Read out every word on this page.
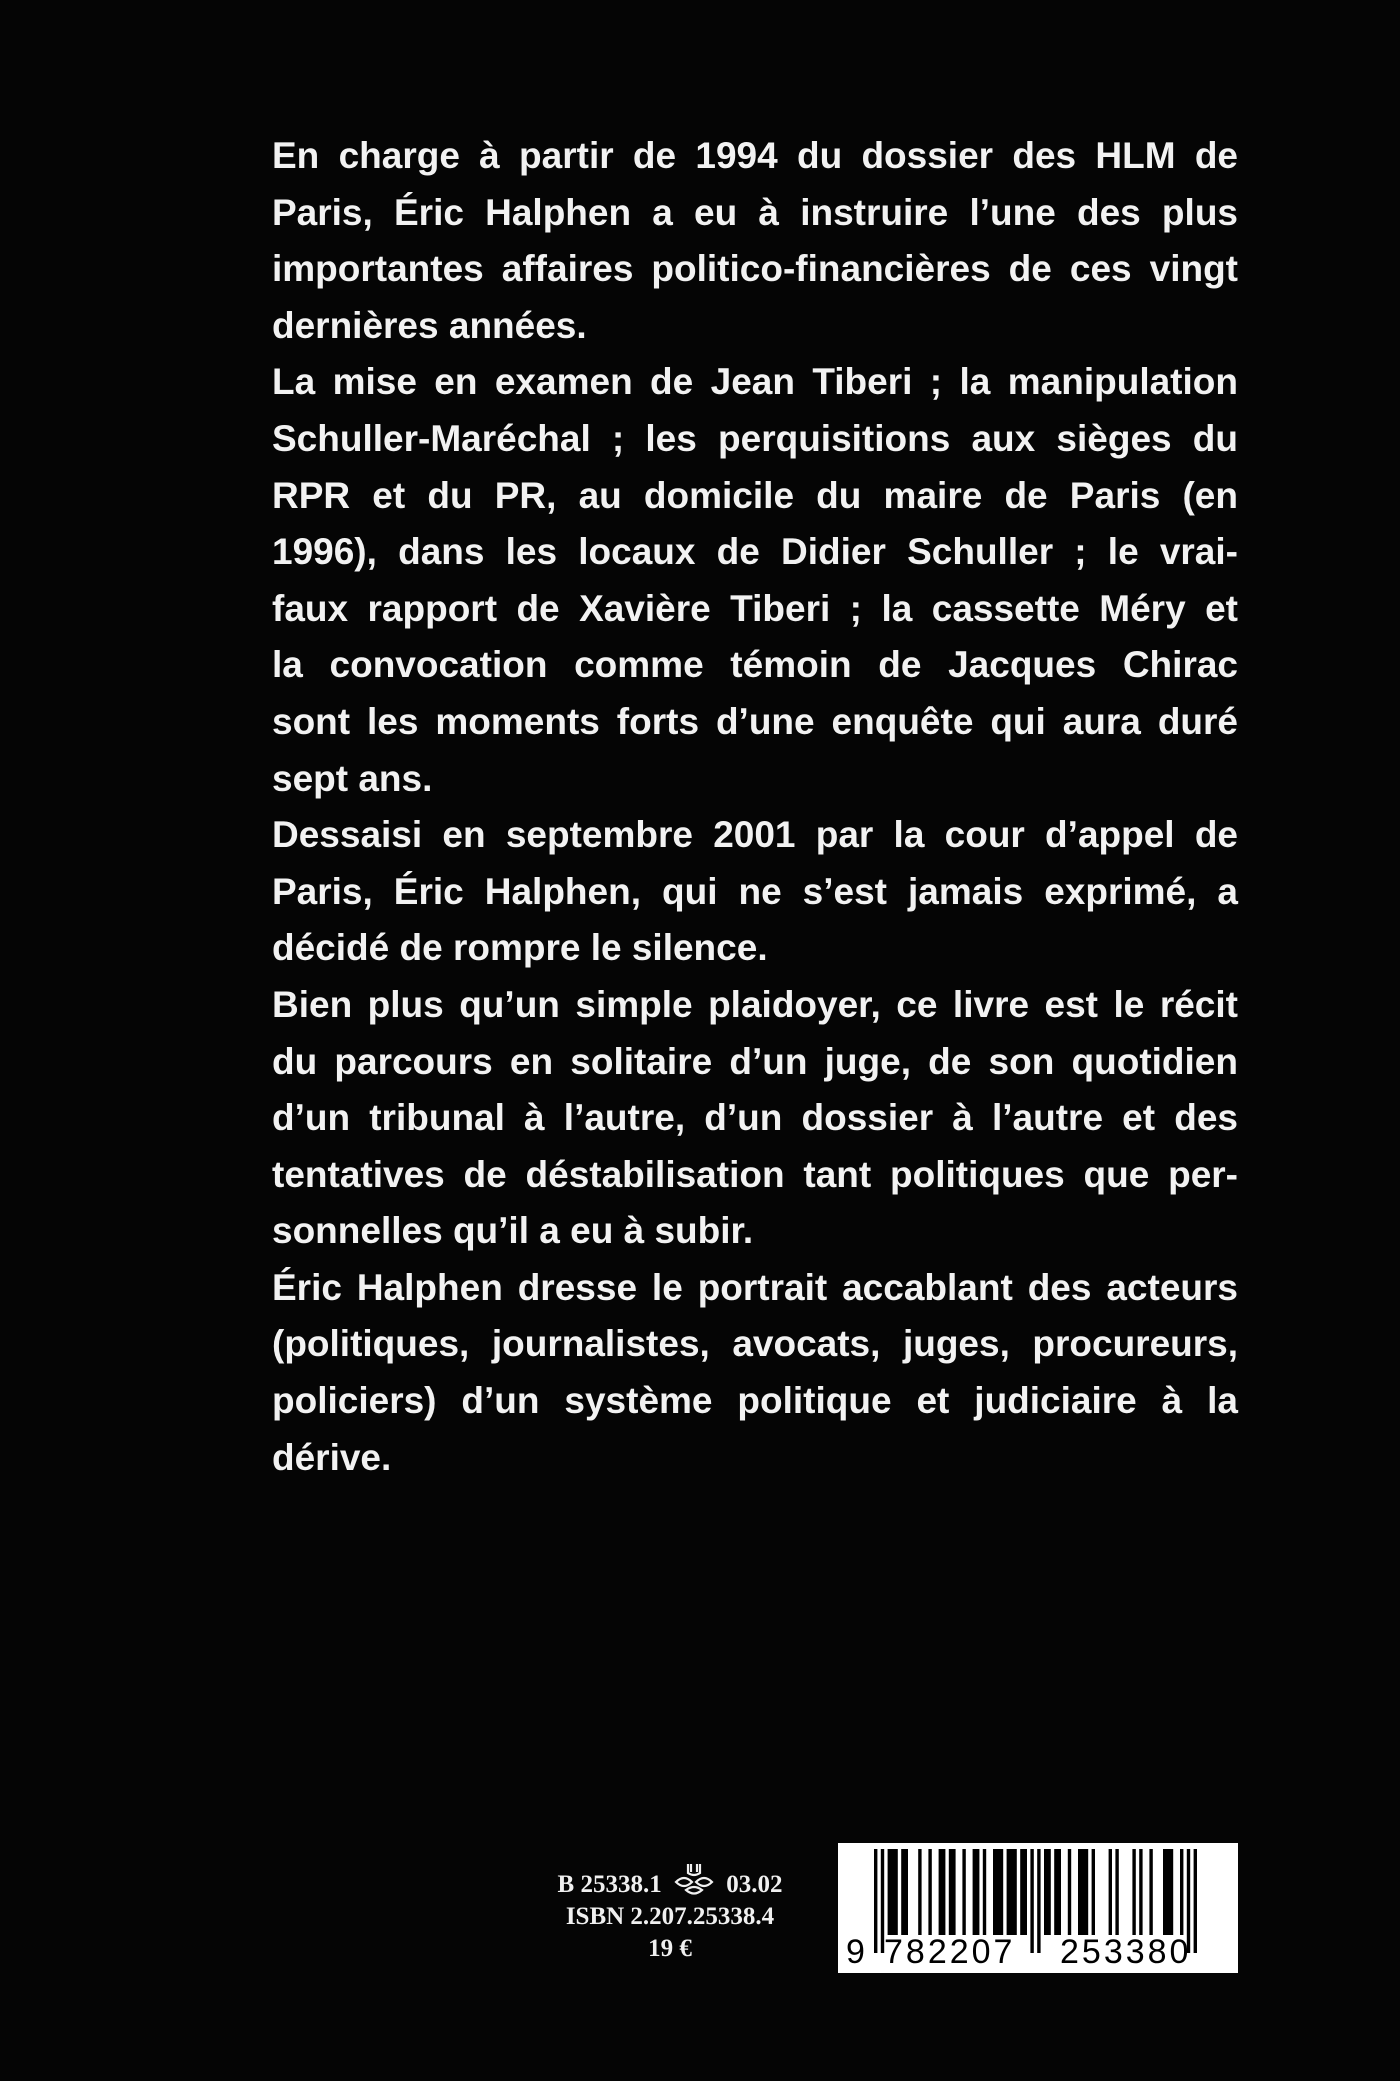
En charge à partir de 1994 du dossier des HLM de
Paris, Éric Halphen a eu à instruire l’une des plus
importantes affaires politico-financières de ces vingt
dernières années.
La mise en examen de Jean Tiberi ; la manipulation
Schuller-Maréchal ; les perquisitions aux sièges du
RPR et du PR, au domicile du maire de Paris (en
1996), dans les locaux de Didier Schuller ; le vrai-
faux rapport de Xavière Tiberi ; la cassette Méry et
la convocation comme témoin de Jacques Chirac
sont les moments forts d’une enquête qui aura duré
sept ans.
Dessaisi en septembre 2001 par la cour d’appel de
Paris, Éric Halphen, qui ne s’est jamais exprimé, a
décidé de rompre le silence.
Bien plus qu’un simple plaidoyer, ce livre est le récit
du parcours en solitaire d’un juge, de son quotidien
d’un tribunal à l’autre, d’un dossier à l’autre et des
tentatives de déstabilisation tant politiques que per-
sonnelles qu’il a eu à subir.
Éric Halphen dresse le portrait accablant des acteurs
(politiques, journalistes, avocats, juges, procureurs,
policiers) d’un système politique et judiciaire à la
dérive.
B 25338.1	03.02
ISBN 2.207.25338.4
19 €	9 782207 253380
